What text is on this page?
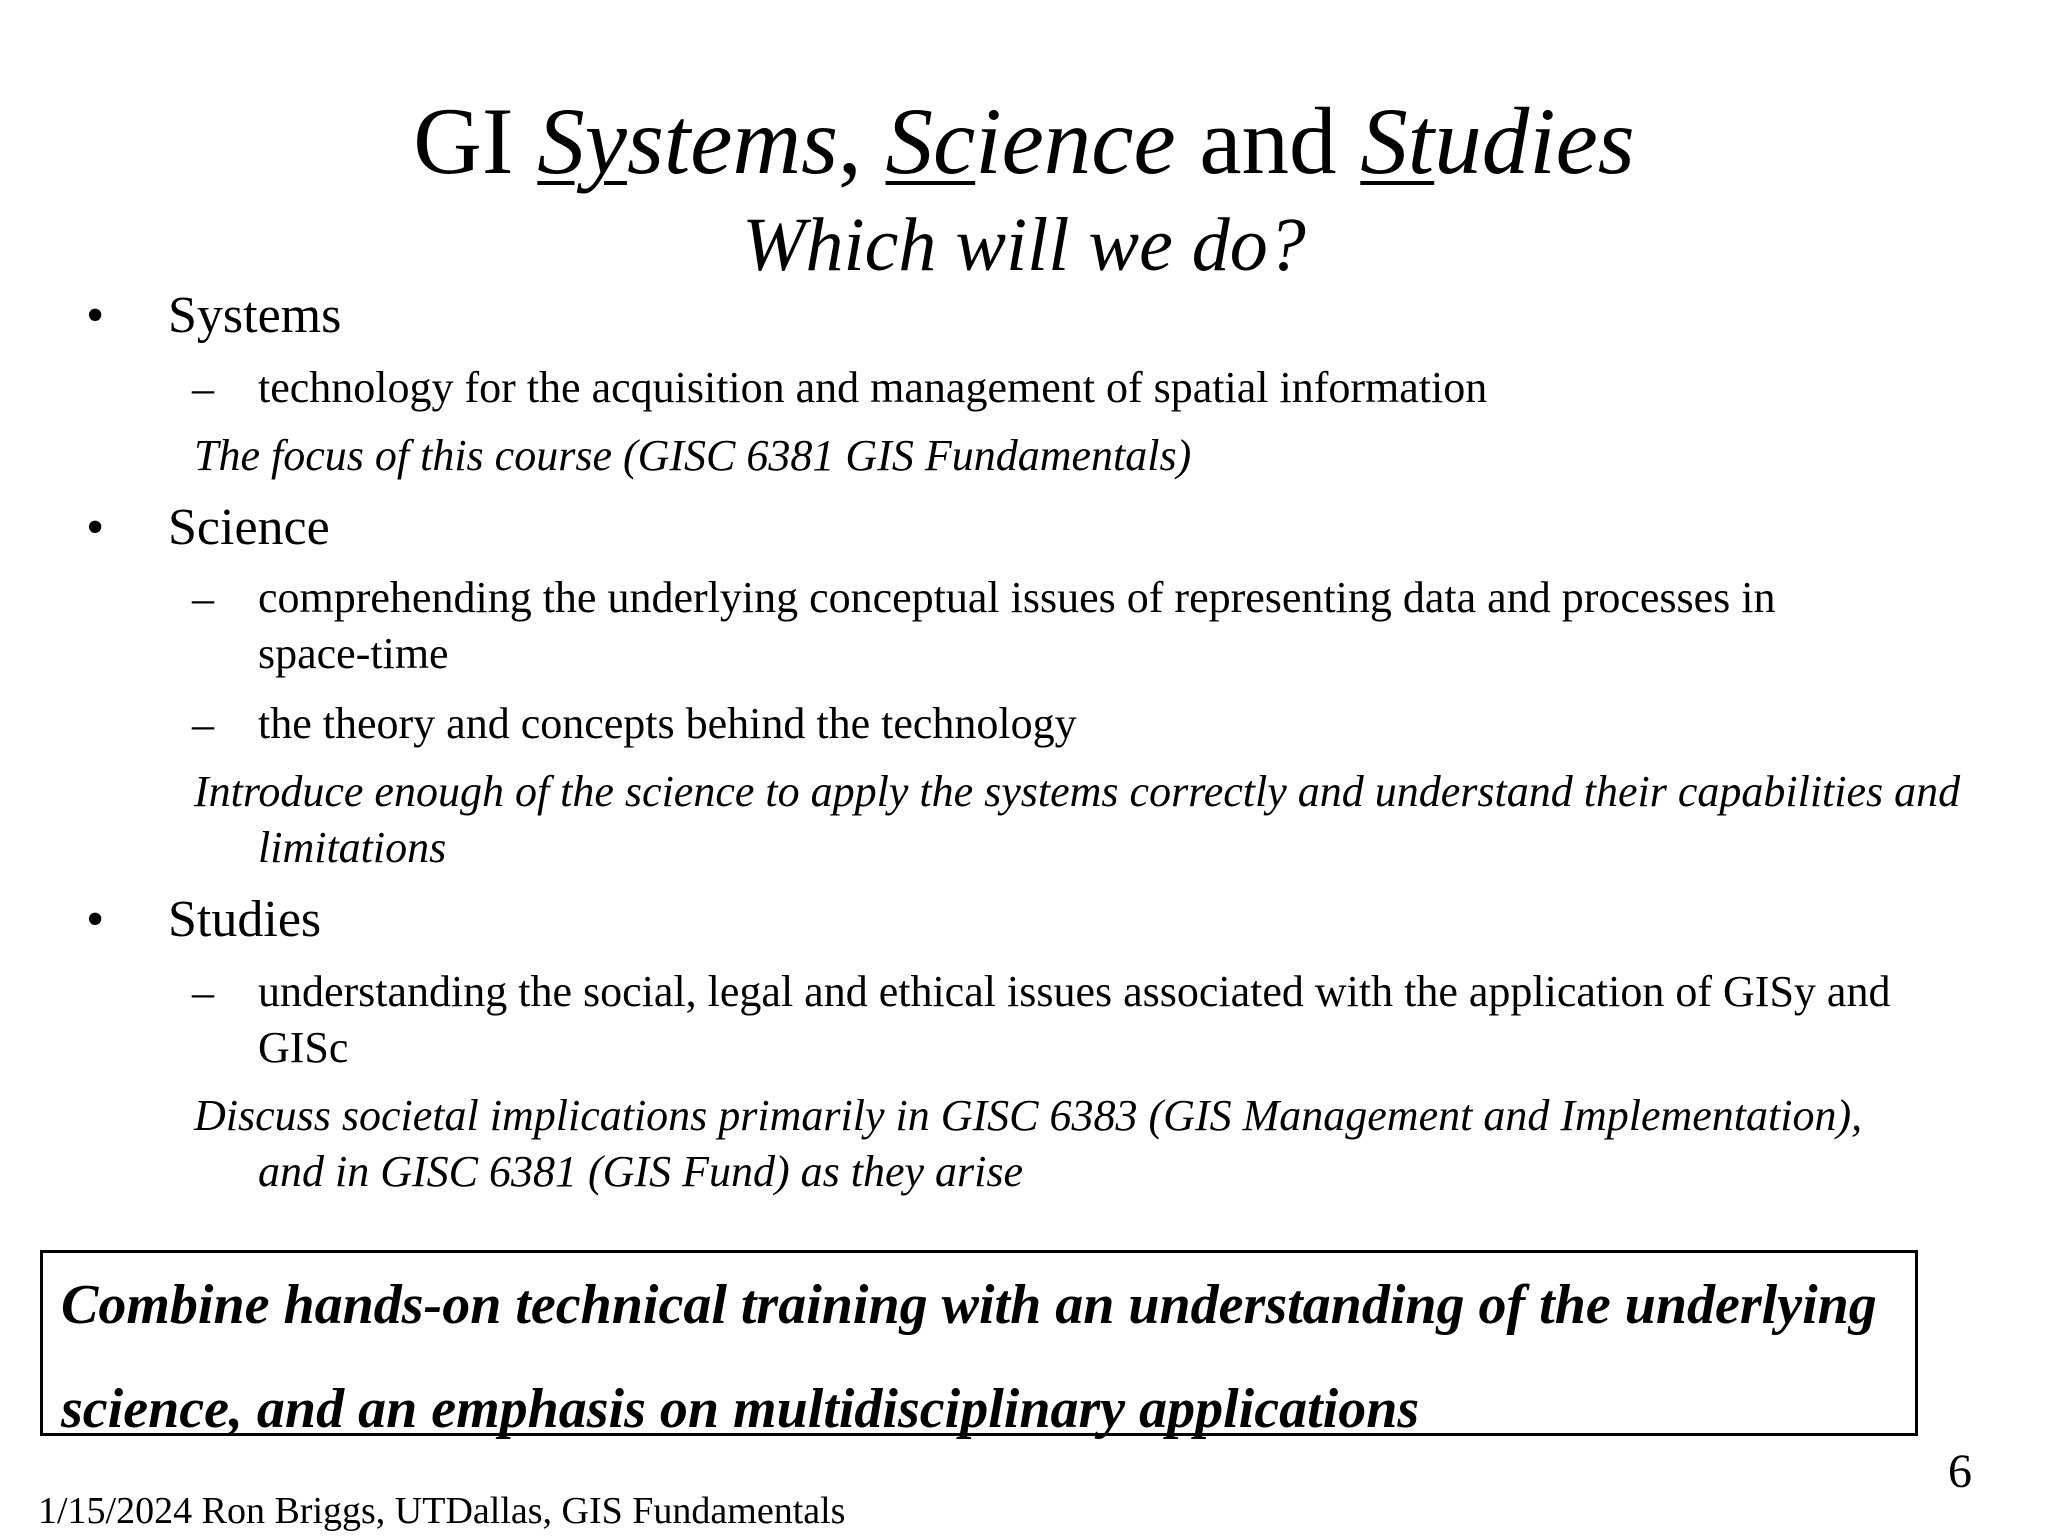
GI Systems, Science and Studies
Which will we do?
• Systems
– technology for the acquisition and management of spatial information
The focus of this course (GISC 6381 GIS Fundamentals)
• Science
– comprehending the underlying conceptual issues of representing data and processes in space-time
– the theory and concepts behind the technology
Introduce enough of the science to apply the systems correctly and understand their capabilities and limitations
• Studies
– understanding the social, legal and ethical issues associated with the application of GISy and GISc
Discuss societal implications primarily in GISC 6383 (GIS Management and Implementation), and in GISC 6381 (GIS Fund) as they arise
Combine hands-on technical training with an understanding of the underlying science, and an emphasis on multidisciplinary applications
1/15/2024 Ron Briggs, UTDallas, GIS Fundamentals
6
